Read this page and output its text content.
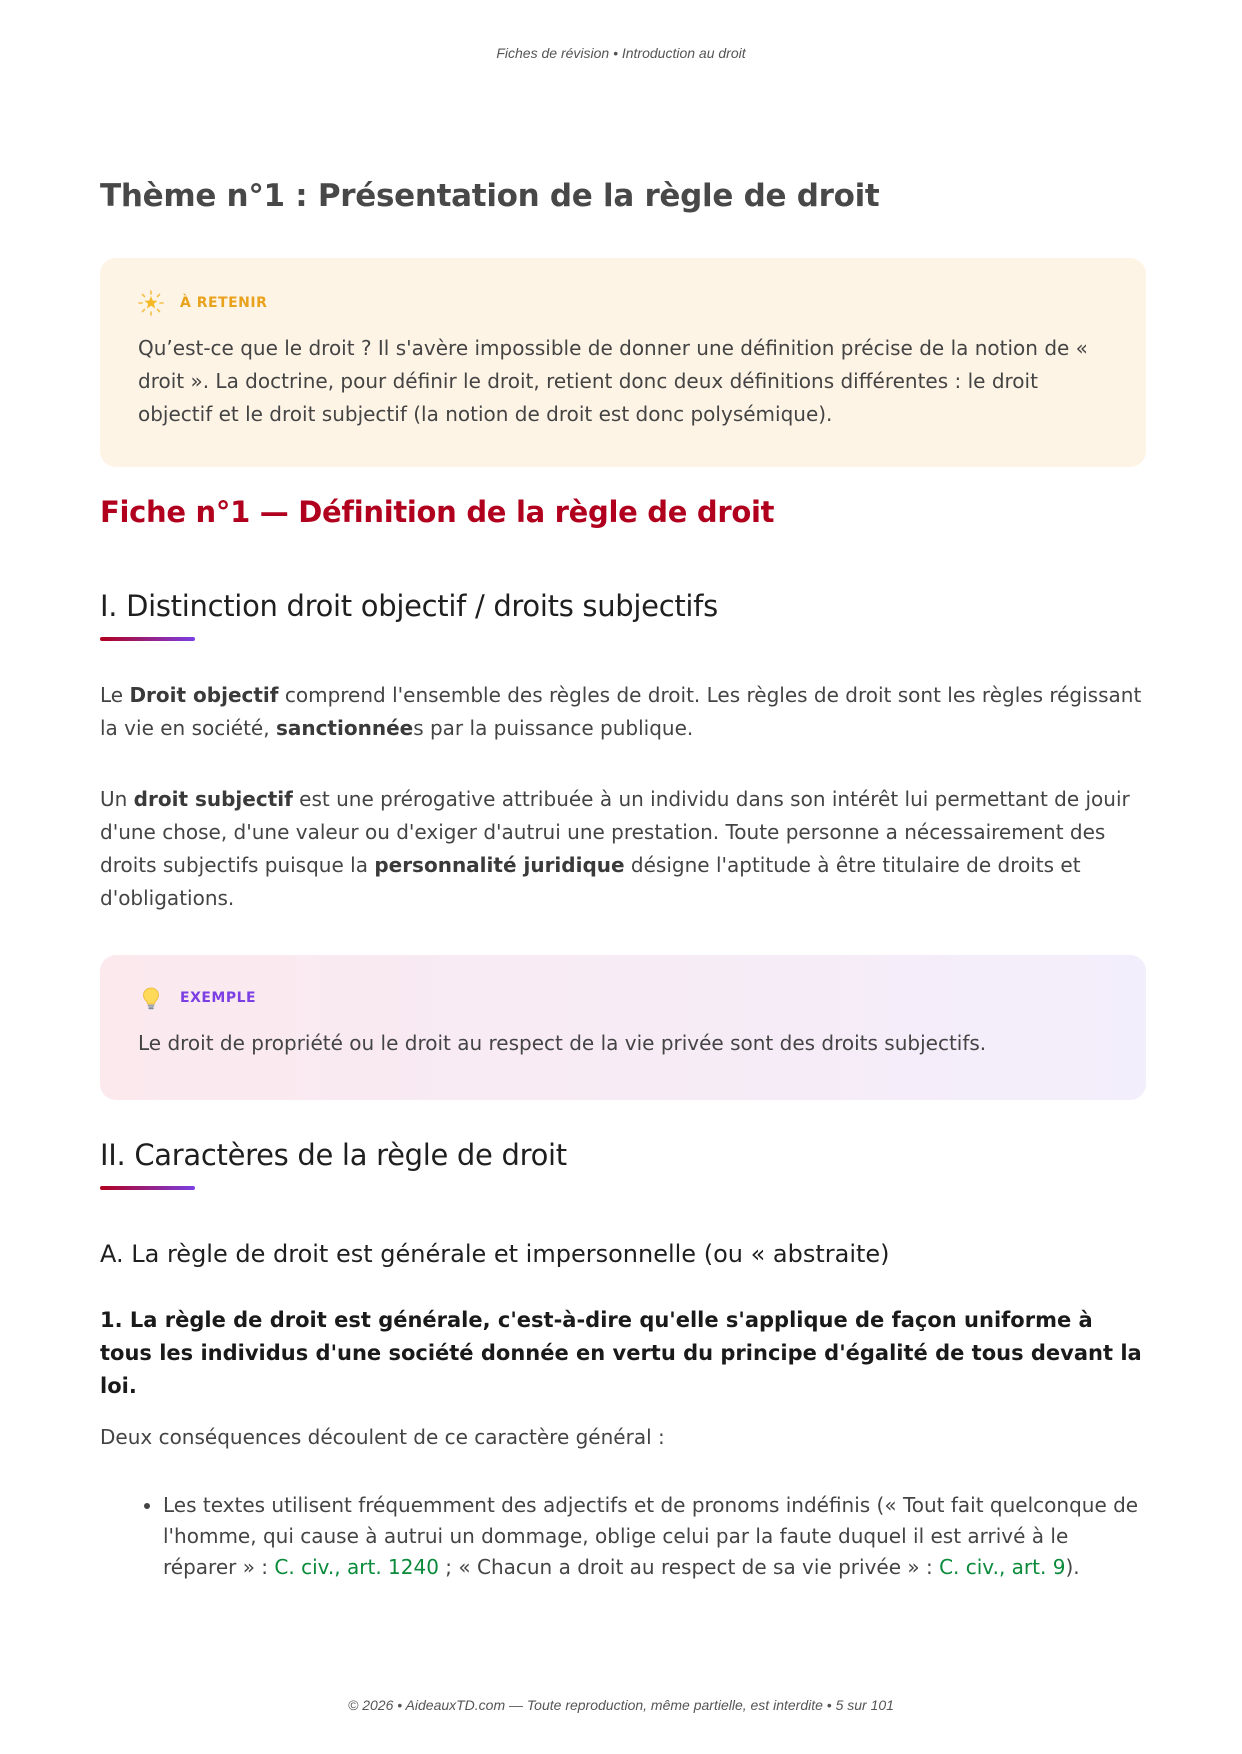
Fiches de révision • Introduction au droit
Thème n°1 : Présentation de la règle de droit
À RETENIR

Qu’est-ce que le droit ? Il s'avère impossible de donner une définition précise de la notion de « droit ». La doctrine, pour définir le droit, retient donc deux définitions différentes : le droit objectif et le droit subjectif (la notion de droit est donc polysémique).

Fiche n°1 — Définition de la règle de droit
I. Distinction droit objectif / droits subjectifs

Le Droit objectif comprend l'ensemble des règles de droit. Les règles de droit sont les règles régissant la vie en société, sanctionnées par la puissance publique.

Un droit subjectif est une prérogative attribuée à un individu dans son intérêt lui permettant de jouir d'une chose, d'une valeur ou d'exiger d'autrui une prestation. Toute personne a nécessairement des droits subjectifs puisque la personnalité juridique désigne l'aptitude à être titulaire de droits et d'obligations.

EXEMPLE

Le droit de propriété ou le droit au respect de la vie privée sont des droits subjectifs.

II. Caractères de la règle de droit
A. La règle de droit est générale et impersonnelle (ou « abstraite)
1. La règle de droit est générale, c'est-à-dire qu'elle s'applique de façon uniforme à tous les individus d'une société donnée en vertu du principe d'égalité de tous devant la loi.

Deux conséquences découlent de ce caractère général :

• Les textes utilisent fréquemment des adjectifs et de pronoms indéfinis (« Tout fait quelconque de l'homme, qui cause à autrui un dommage, oblige celui par la faute duquel il est arrivé à le réparer » : C. civ., art. 1240 ; « Chacun a droit au respect de sa vie privée » : C. civ., art. 9).
© 2026 • AideauxTD.com — Toute reproduction, même partielle, est interdite • 5 sur 101
